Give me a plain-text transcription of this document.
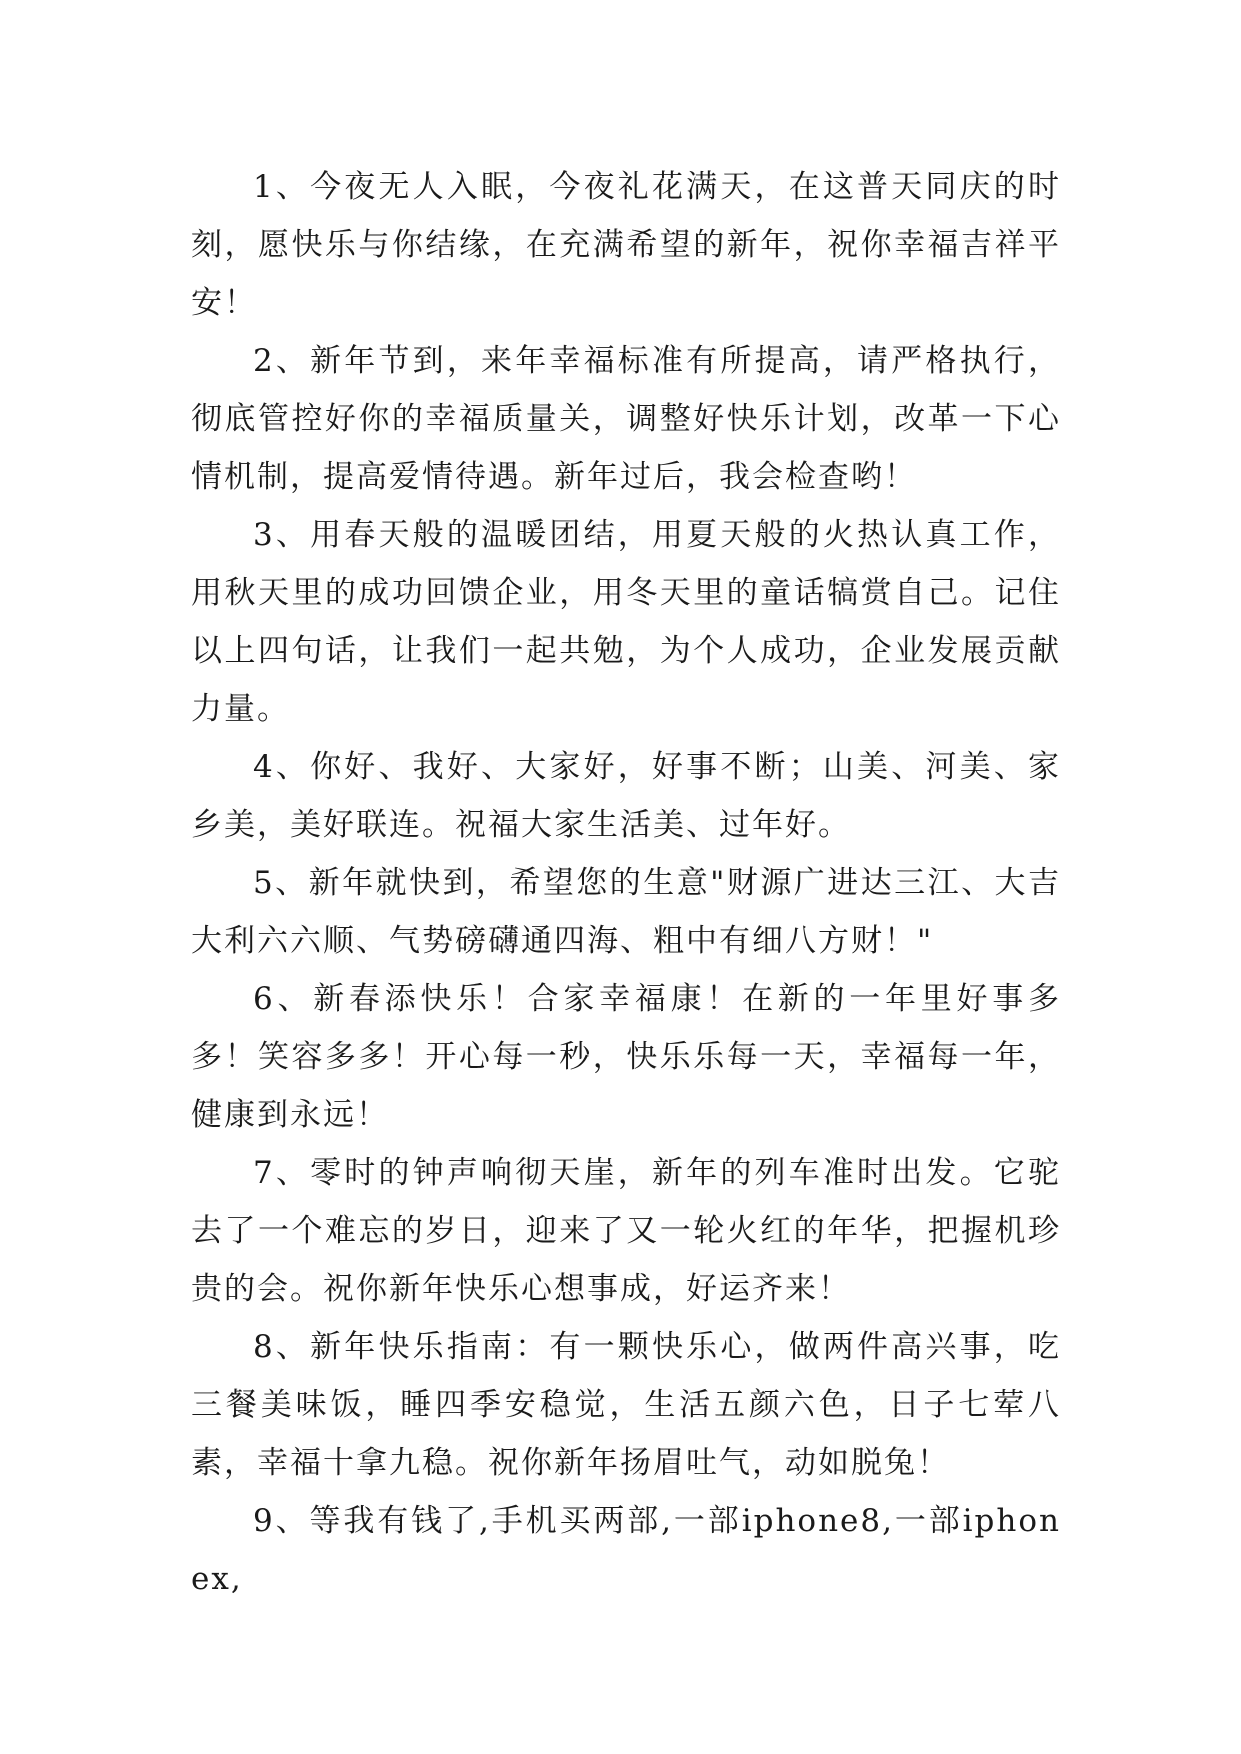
1、今夜无人入眠，今夜礼花满天，在这普天同庆的时刻，愿快乐与你结缘，在充满希望的新年，祝你幸福吉祥平安！

2、新年节到，来年幸福标准有所提高，请严格执行，彻底管控好你的幸福质量关，调整好快乐计划，改革一下心情机制，提高爱情待遇。新年过后，我会检查哟！

3、用春天般的温暖团结，用夏天般的火热认真工作，用秋天里的成功回馈企业，用冬天里的童话犒赏自己。记住以上四句话，让我们一起共勉，为个人成功，企业发展贡献力量。

4、你好、我好、大家好，好事不断；山美、河美、家乡美，美好联连。祝福大家生活美、过年好。

5、新年就快到，希望您的生意"财源广进达三江、大吉大利六六顺、气势磅礴通四海、粗中有细八方财！"

6、新春添快乐！合家幸福康！在新的一年里好事多多！笑容多多！开心每一秒，快乐乐每一天，幸福每一年，健康到永远！

7、零时的钟声响彻天崖，新年的列车准时出发。它驼去了一个难忘的岁日，迎来了又一轮火红的年华，把握机珍贵的会。祝你新年快乐心想事成，好运齐来！

8、新年快乐指南：有一颗快乐心，做两件高兴事，吃三餐美味饭，睡四季安稳觉，生活五颜六色，日子七荤八素，幸福十拿九稳。祝你新年扬眉吐气，动如脱兔！

9、等我有钱了,手机买两部,一部iphone8,一部iphonex,
